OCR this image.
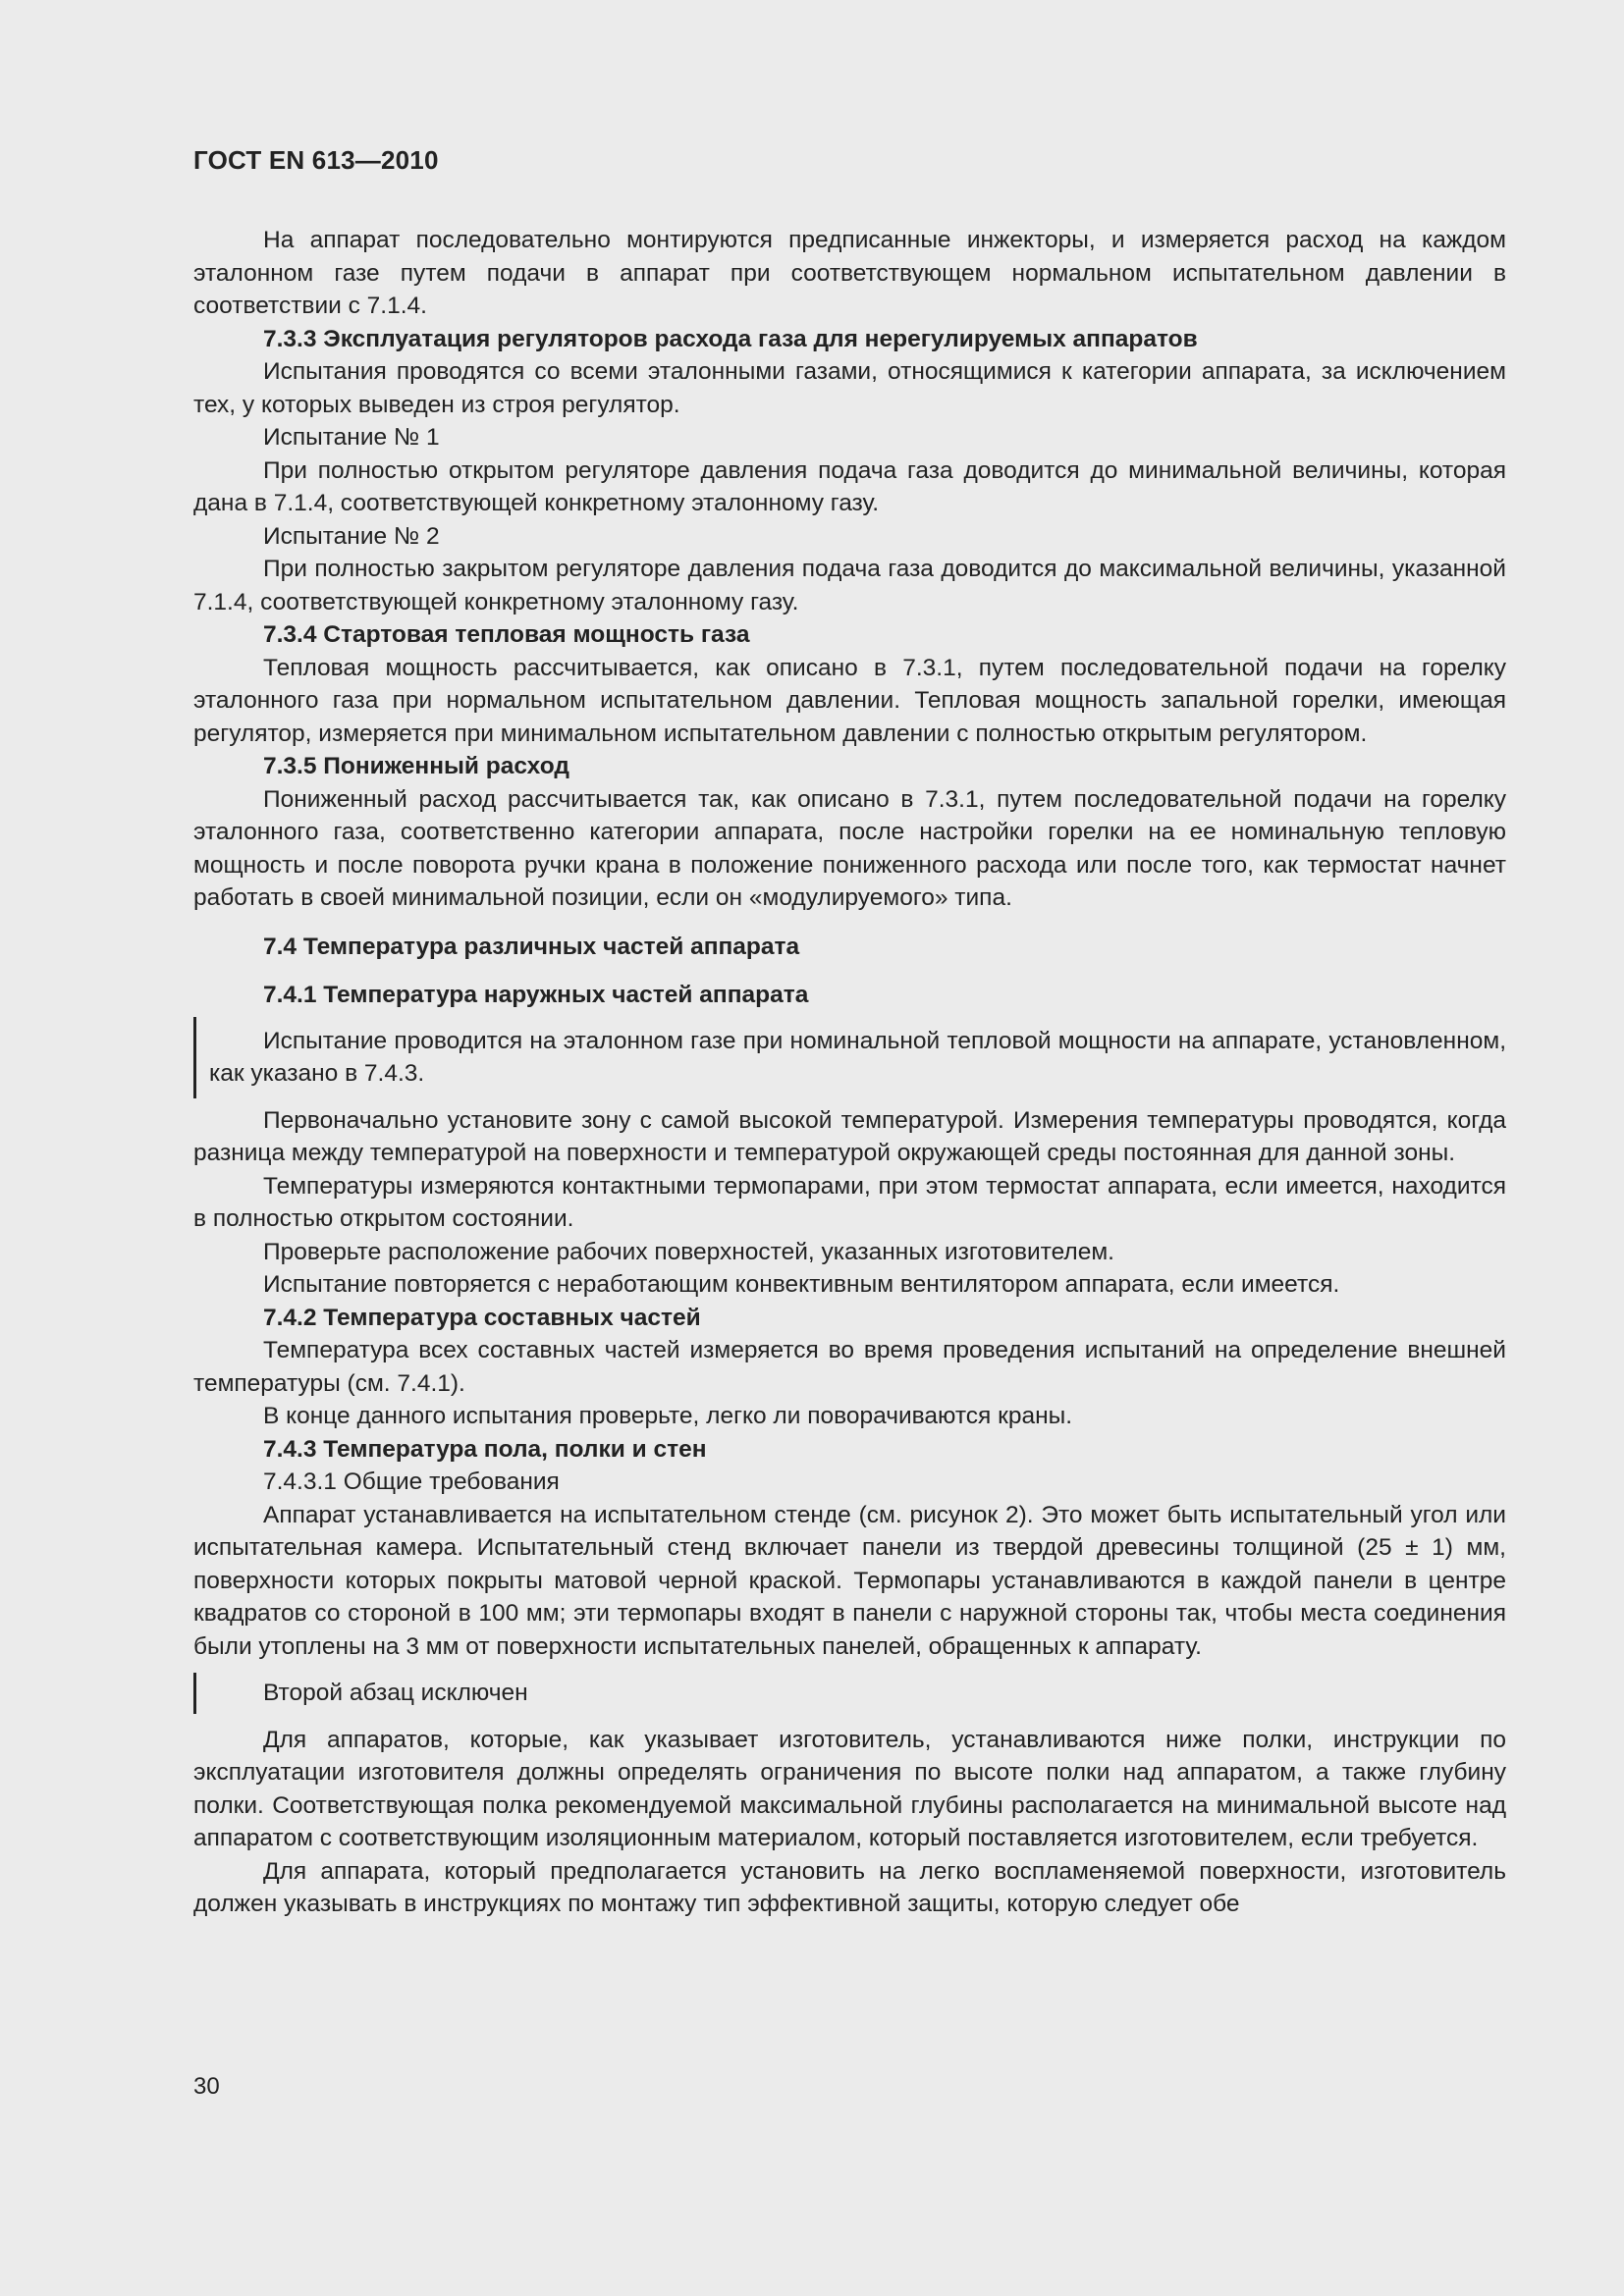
ГОСТ EN 613—2010

На аппарат последовательно монтируются предписанные инжекторы, и измеряется расход на каждом эталонном газе путем подачи в аппарат при соответствующем нормальном испытательном давлении в соответствии с 7.1.4.

7.3.3 Эксплуатация регуляторов расхода газа для нерегулируемых аппаратов

Испытания проводятся со всеми эталонными газами, относящимися к категории аппарата, за исключением тех, у которых выведен из строя регулятор.

Испытание № 1

При полностью открытом регуляторе давления подача газа доводится до минимальной величины, которая дана в 7.1.4, соответствующей конкретному эталонному газу.

Испытание № 2

При полностью закрытом регуляторе давления подача газа доводится до максимальной величины, указанной 7.1.4, соответствующей конкретному эталонному газу.

7.3.4 Стартовая тепловая мощность газа

Тепловая мощность рассчитывается, как описано в 7.3.1, путем последовательной подачи на горелку эталонного газа при нормальном испытательном давлении. Тепловая мощность запальной горелки, имеющая регулятор, измеряется при минимальном испытательном давлении с полностью открытым регулятором.

7.3.5 Пониженный расход

Пониженный расход рассчитывается так, как описано в 7.3.1, путем последовательной подачи на горелку эталонного газа, соответственно категории аппарата, после настройки горелки на ее номинальную тепловую мощность и после поворота ручки крана в положение пониженного расхода или после того, как термостат начнет работать в своей минимальной позиции, если он «модулируемого» типа.

7.4 Температура различных частей аппарата

7.4.1 Температура наружных частей аппарата

Испытание проводится на эталонном газе при номинальной тепловой мощности на аппарате, установленном, как указано в 7.4.3.

Первоначально установите зону с самой высокой температурой. Измерения температуры проводятся, когда разница между температурой на поверхности и температурой окружающей среды постоянная для данной зоны.

Температуры измеряются контактными термопарами, при этом термостат аппарата, если имеется, находится в полностью открытом состоянии.

Проверьте расположение рабочих поверхностей, указанных изготовителем.

Испытание повторяется с неработающим конвективным вентилятором аппарата, если имеется.

7.4.2 Температура составных частей

Температура всех составных частей измеряется во время проведения испытаний на определение внешней температуры (см. 7.4.1).

В конце данного испытания проверьте, легко ли поворачиваются краны.

7.4.3 Температура пола, полки и стен

7.4.3.1 Общие требования

Аппарат устанавливается на испытательном стенде (см. рисунок 2). Это может быть испытательный угол или испытательная камера. Испытательный стенд включает панели из твердой древесины толщиной (25 ± 1) мм, поверхности которых покрыты матовой черной краской. Термопары устанавливаются в каждой панели в центре квадратов со стороной в 100 мм; эти термопары входят в панели с наружной стороны так, чтобы места соединения были утоплены на 3 мм от поверхности испытательных панелей, обращенных к аппарату.

Второй абзац исключен

Для аппаратов, которые, как указывает изготовитель, устанавливаются ниже полки, инструкции по эксплуатации изготовителя должны определять ограничения по высоте полки над аппаратом, а также глубину полки. Соответствующая полка рекомендуемой максимальной глубины располагается на минимальной высоте над аппаратом с соответствующим изоляционным материалом, который поставляется изготовителем, если требуется.

Для аппарата, который предполагается установить на легко воспламеняемой поверхности, изготовитель должен указывать в инструкциях по монтажу тип эффективной защиты, которую следует обе

30
